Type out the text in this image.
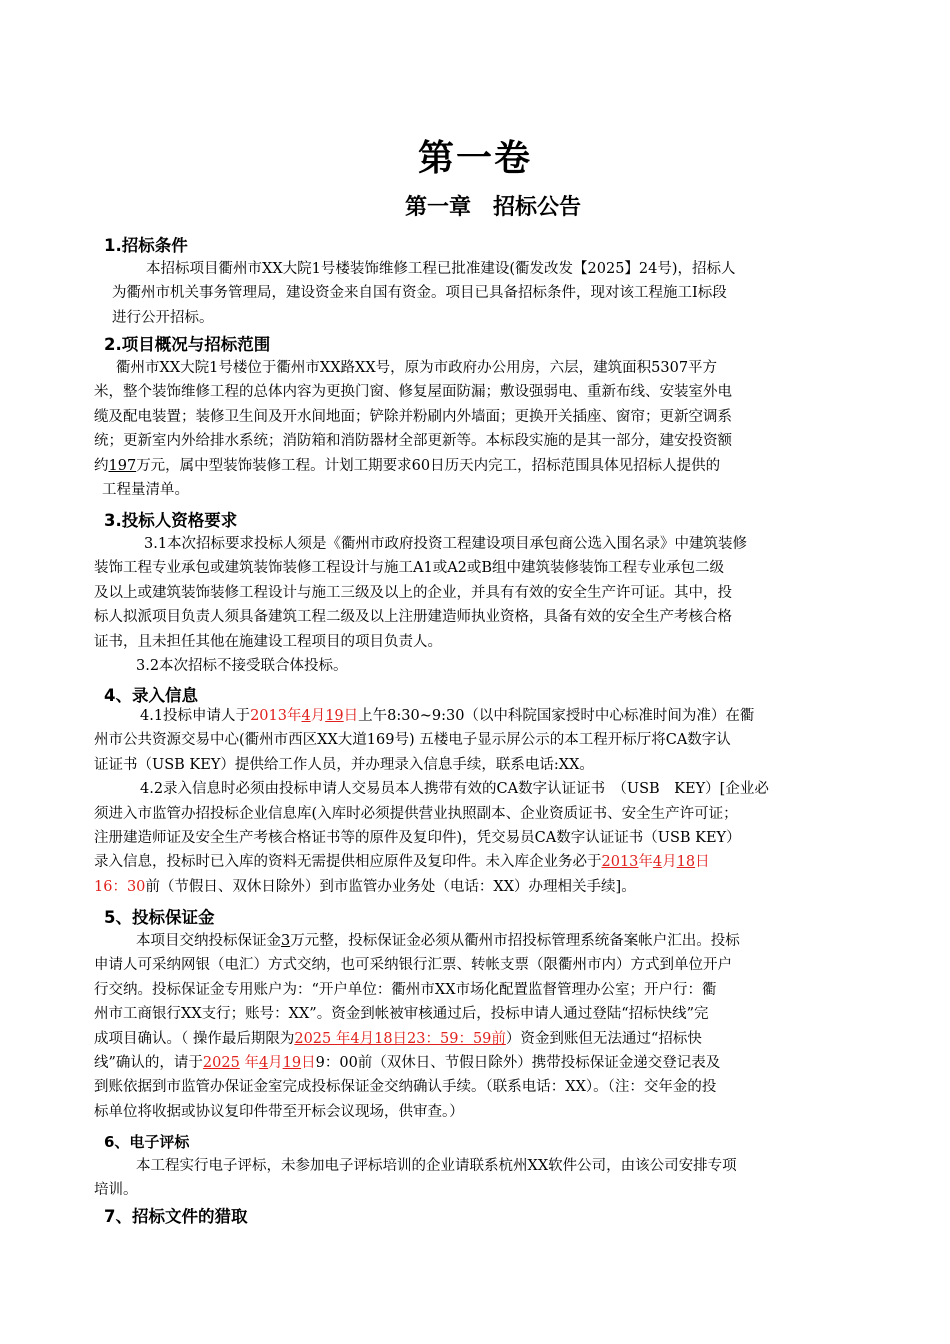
第一卷
第一章　招标公告
1.招标条件
本招标项目衢州市XX大院1号楼装饰维修工程已批准建设(衢发改发【2025】24号)，招标人
为衢州市机关事务管理局，建设资金来自国有资金。项目已具备招标条件，现对该工程施工Ⅰ标段
进行公开招标。
2.项目概况与招标范围
衢州市XX大院1号楼位于衢州市XX路XX号，原为市政府办公用房，六层，建筑面积5307平方
米，整个装饰维修工程的总体内容为更换门窗、修复屋面防漏；敷设强弱电、重新布线、安装室外电
缆及配电装置；装修卫生间及开水间地面；铲除并粉刷内外墙面；更换开关插座、窗帘；更新空调系
统；更新室内外给排水系统；消防箱和消防器材全部更新等。本标段实施的是其一部分，建安投资额
约197万元，属中型装饰装修工程。计划工期要求60日历天内完工，招标范围具体见招标人提供的
工程量清单。
3.投标人资格要求
3.1本次招标要求投标人须是《衢州市政府投资工程建设项目承包商公选入围名录》中建筑装修
装饰工程专业承包或建筑装饰装修工程设计与施工A1或A2或B组中建筑装修装饰工程专业承包二级
及以上或建筑装饰装修工程设计与施工三级及以上的企业，并具有有效的安全生产许可证。其中，投
标人拟派项目负责人须具备建筑工程二级及以上注册建造师执业资格，具备有效的安全生产考核合格
证书，且未担任其他在施建设工程项目的项目负责人。
3.2本次招标不接受联合体投标。
4、录入信息
4.1投标申请人于2013年4月19日上午8:30~9:30（以中科院国家授时中心标准时间为准）在衢
州市公共资源交易中心(衢州市西区XX大道169号) 五楼电子显示屏公示的本工程开标厅将CA数字认
证证书（USB KEY）提供给工作人员，并办理录入信息手续，联系电话:XX。
4.2录入信息时必须由投标申请人交易员本人携带有效的CA数字认证证书　（USB　KEY）[企业必
须进入市监管办招投标企业信息库(入库时必须提供营业执照副本、企业资质证书、安全生产许可证；
注册建造师证及安全生产考核合格证书等的原件及复印件)，凭交易员CA数字认证证书（USB KEY）
录入信息，投标时已入库的资料无需提供相应原件及复印件。未入库企业务必于2013年4月18日
16：30前（节假日、双休日除外）到市监管办业务处（电话：XX）办理相关手续]。
5、投标保证金
本项目交纳投标保证金3万元整，投标保证金必须从衢州市招投标管理系统备案帐户汇出。投标
申请人可采纳网银（电汇）方式交纳，也可采纳银行汇票、转帐支票（限衢州市内）方式到单位开户
行交纳。投标保证金专用账户为：“开户单位：衢州市XX市场化配置监督管理办公室；开户行：衢
州市工商银行XX支行；账号：XX”。资金到帐被审核通过后，投标申请人通过登陆“招标快线”完
成项目确认。（ 操作最后期限为2025 年4月18日23：59：59前）资金到账但无法通过“招标快
线”确认的，请于2025 年4月19日9：00前（双休日、节假日除外）携带投标保证金递交登记表及
到账依据到市监管办保证金室完成投标保证金交纳确认手续。（联系电话：XX）。（注：交年金的投
标单位将收据或协议复印件带至开标会议现场，供审查。）
6、电子评标
本工程实行电子评标，未参加电子评标培训的企业请联系杭州XX软件公司，由该公司安排专项
培训。
7、招标文件的猎取
